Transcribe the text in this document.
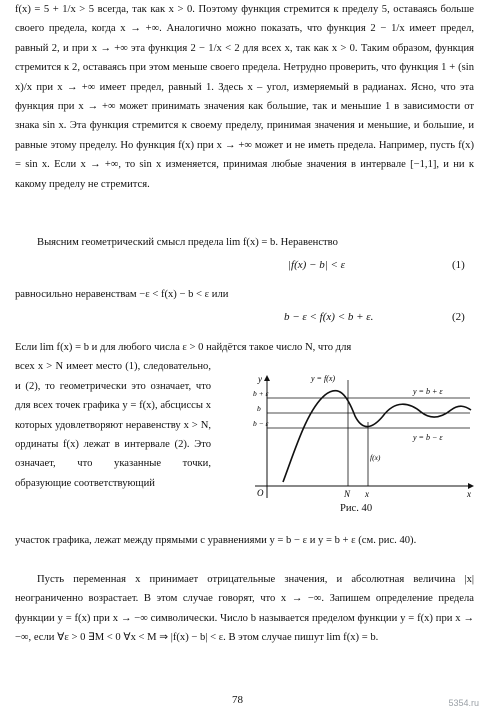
f(x) = 5 + 1/x > 5 всегда, так как x > 0. Поэтому функция стремится к пределу 5, оставаясь больше своего предела, когда x → +∞. Аналогично можно показать, что функция 2 − 1/x имеет предел, равный 2, и при x → +∞ эта функция 2 − 1/x < 2 для всех x, так как x > 0. Таким образом, функция стремится к 2, оставаясь при этом меньше своего предела. Нетрудно проверить, что функция 1 + (sin x)/x при x → +∞ имеет предел, равный 1. Здесь x – угол, измеряемый в радианах. Ясно, что эта функция при x → +∞ может принимать значения как большие, так и меньшие 1 в зависимости от знака sin x. Эта функция стремится к своему пределу, принимая значения и меньшие, и большие, и равные этому пределу. Но функция f(x) при x → +∞ может и не иметь предела. Например, пусть f(x) = sin x. Если x → +∞, то sin x изменяется, принимая любые значения в интервале [−1,1], и ни к какому пределу не стремится.

Выясним геометрический смысл предела lim f(x) = b. Неравенство

|f(x) − b| < ε	(1)

равносильно неравенствам −ε < f(x) − b < ε или

b − ε < f(x) < b + ε.	(2)

Если lim f(x) = b и для любого числа ε > 0 найдётся такое число N, что для
всех x > N имеет место (1), следовательно, и (2), то геометрически это означает, что для всех точек графика y = f(x), абсциссы x которых удовлетворяют неравенству x > N, ординаты f(x) лежат в интервале (2). Это означает, что указанные точки, образующие соответствующий

участок графика, лежат между прямыми с уравнениями y = b − ε и y = b + ε (см. рис. 40).

Пусть переменная x принимает отрицательные значения, и абсолютная величина |x| неограниченно возрастает. В этом случае говорят, что x → −∞. Запишем определение предела функции y = f(x) при x → −∞ символически. Число b называется пределом функции y = f(x) при x → −∞, если ∀ε > 0 ∃M < 0 ∀x < M ⇒ |f(x) − b| < ε. В этом случае пишут lim f(x) = b.

y
x
O	N x
y = f(x)
y = b + ε
y = b − ε
b + ε
b
b − ε
f(x)
Рис. 40
78	5354.ru
